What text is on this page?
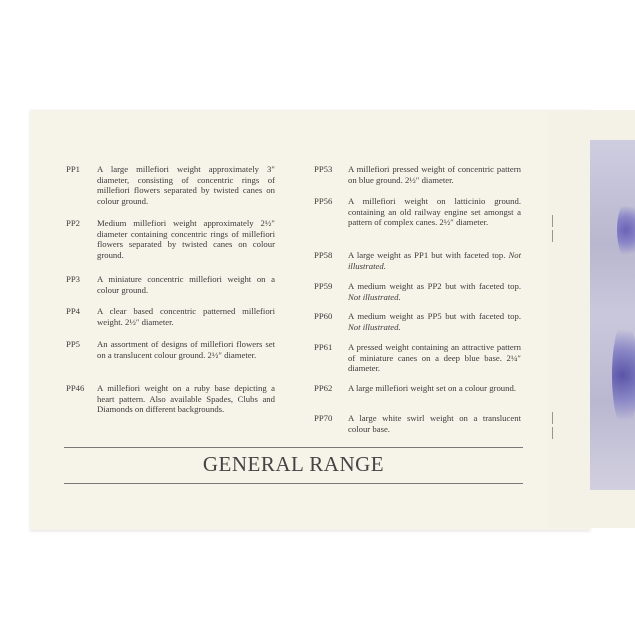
PP1 A large millefiori weight approximately 3″ diameter, consisting of concentric rings of millefiori flowers separated by twisted canes on colour ground.
PP2 Medium millefiori weight approximately 2½″ diameter containing concentric rings of millefiori flowers separated by twisted canes on colour ground.
PP3 A miniature concentric millefiori weight on a colour ground.
PP4 A clear based concentric patterned millefiori weight. 2½″ diameter.
PP5 An assortment of designs of millefiori flowers set on a translucent colour ground. 2½″ diameter.
PP46 A millefiori weight on a ruby base depicting a heart pattern. Also available Spades, Clubs and Diamonds on different backgrounds.
PP53 A millefiori pressed weight of concentric pattern on blue ground. 2½″ diameter.
PP56 A millefiori weight on latticinio ground. containing an old railway engine set amongst a pattern of complex canes. 2½″ diameter.
PP58 A large weight as PP1 but with faceted top. Not illustrated.
PP59 A medium weight as PP2 but with faceted top. Not illustrated.
PP60 A medium weight as PP5 but with faceted top. Not illustrated.
PP61 A pressed weight containing an attractive pattern of miniature canes on a deep blue base. 2¼″ diameter.
PP62 A large millefiori weight set on a colour ground.
PP70 A large white swirl weight on a translucent colour base.
GENERAL RANGE
